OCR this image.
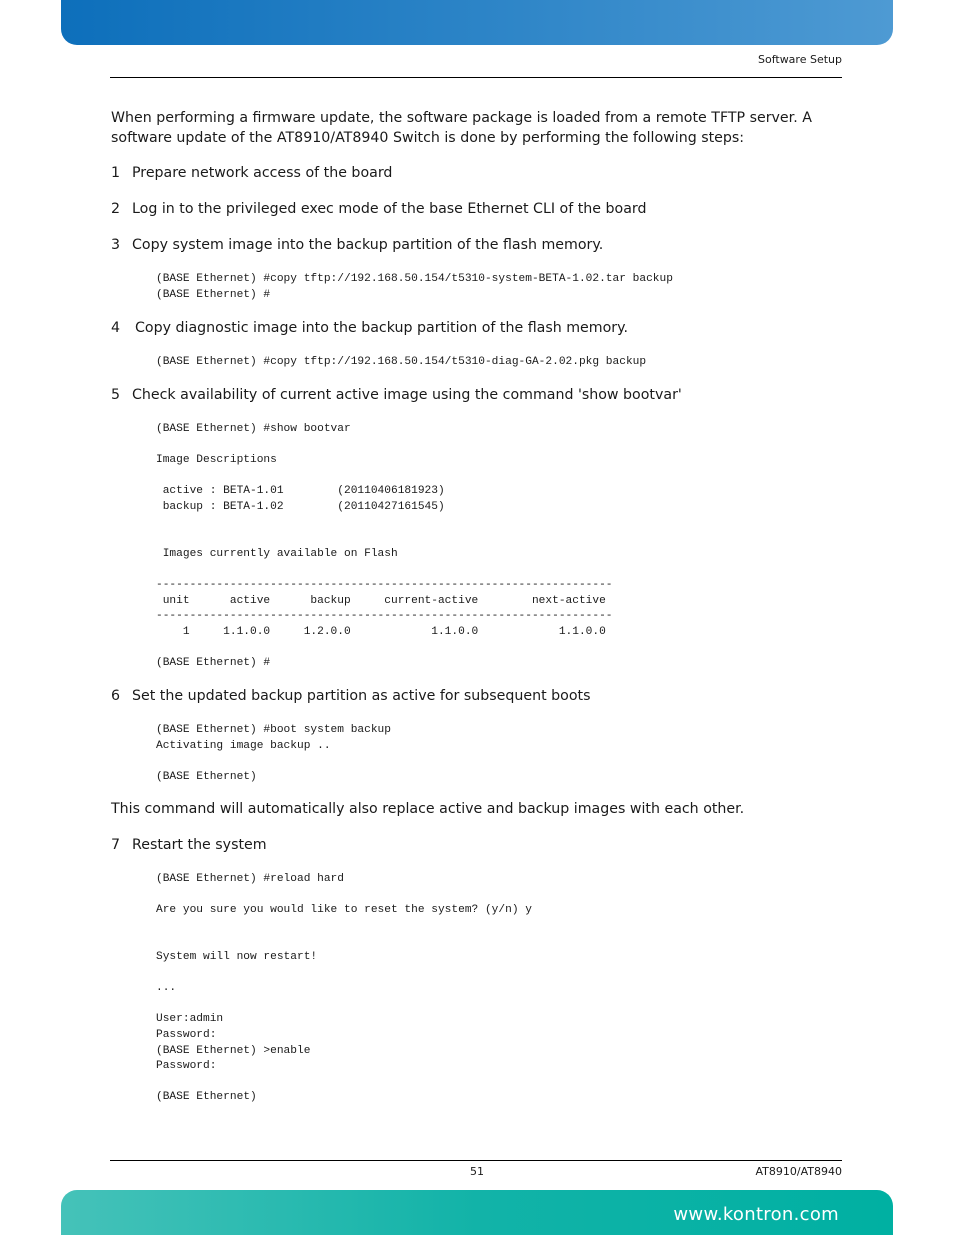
Software Setup

When performing a firmware update, the software package is loaded from a remote TFTP server. A software update of the AT8910/AT8940 Switch is done by performing the following steps:

1 Prepare network access of the board
2 Log in to the privileged exec mode of the base Ethernet CLI of the board
3 Copy system image into the backup partition of the flash memory.
(BASE Ethernet) #copy tftp://192.168.50.154/t5310-system-BETA-1.02.tar backup
(BASE Ethernet) #
4 Copy diagnostic image into the backup partition of the flash memory.
(BASE Ethernet) #copy tftp://192.168.50.154/t5310-diag-GA-2.02.pkg backup
5 Check availability of current active image using the command 'show bootvar'
(BASE Ethernet) #show bootvar

Image Descriptions

active : BETA-1.01        (20110406181923)
backup : BETA-1.02        (20110427161545)

Images currently available on Flash

--------------------------------------------------------------------
unit      active      backup     current-active        next-active
--------------------------------------------------------------------
1     1.1.0.0     1.2.0.0            1.1.0.0            1.1.0.0

(BASE Ethernet) #
6 Set the updated backup partition as active for subsequent boots
(BASE Ethernet) #boot system backup
Activating image backup ..

(BASE Ethernet)
This command will automatically also replace active and backup images with each other.
7 Restart the system
(BASE Ethernet) #reload hard

Are you sure you would like to reset the system? (y/n) y

System will now restart!

...

User:admin
Password:
(BASE Ethernet) >enable
Password:

(BASE Ethernet)
51	AT8910/AT8940
www.kontron.com
